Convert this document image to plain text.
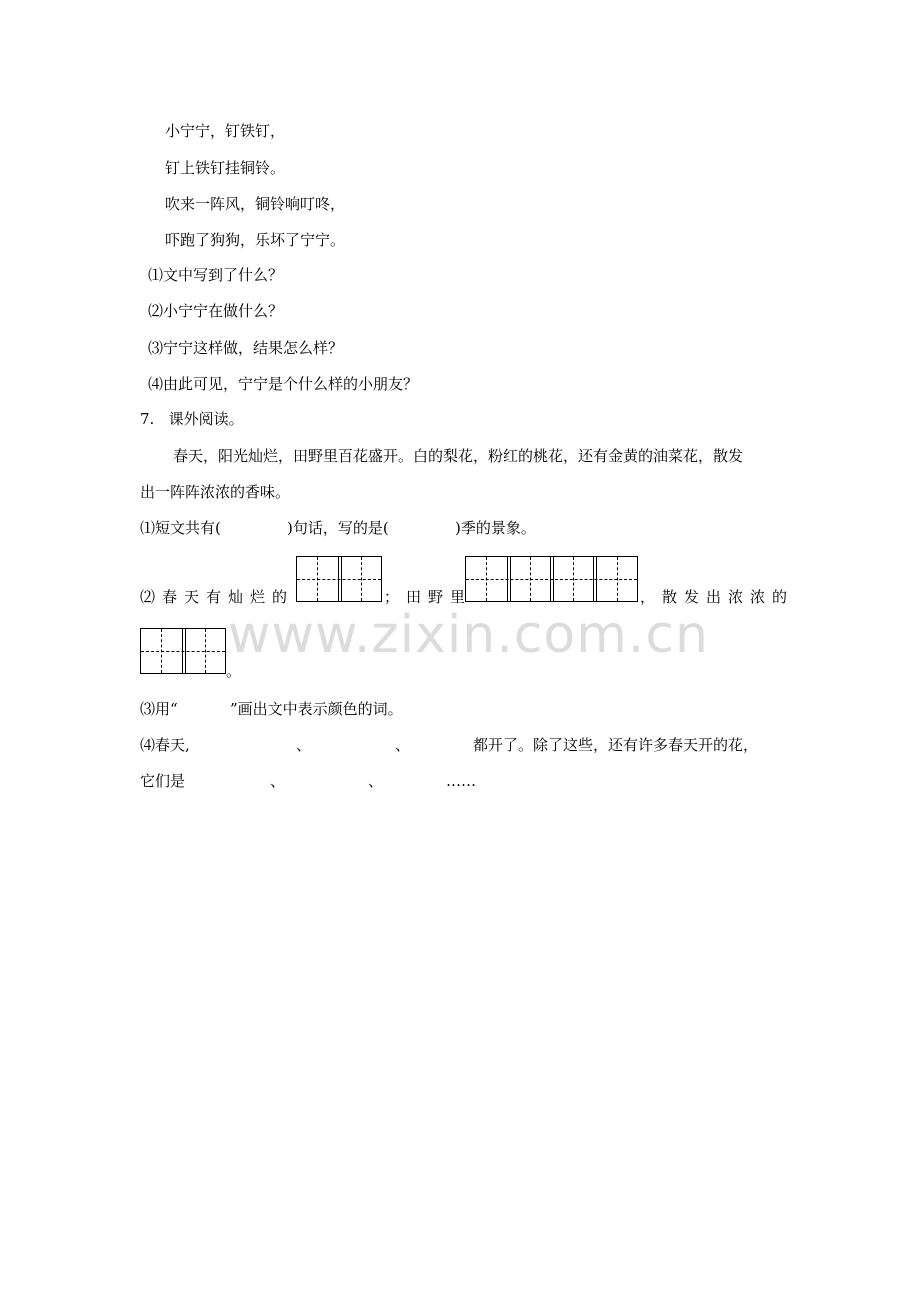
小宁宁，钉铁钉，
钉上铁钉挂铜铃。
吹来一阵风，铜铃响叮咚，
吓跑了狗狗，乐坏了宁宁。
⑴文中写到了什么？
⑵小宁宁在做什么？
⑶宁宁这样做，结果怎么样？
⑷由此可见，宁宁是个什么样的小朋友？
7.   课外阅读。
春天，阳光灿烂，田野里百花盛开。白的梨花，粉红的桃花，还有金黄的油菜花，散发
出一阵阵浓浓的香味。
⑴短文共有(	)句话，写的是(	)季的景象。
⑵春天有灿烂的	；田野里	，散发出浓浓的
。
www.zixin.com.cn
⑶用“	”画出文中表示颜色的词。
⑷春天,	、	、	都开了。除了这些，还有许多春天开的花，
它们是	、	、	……
